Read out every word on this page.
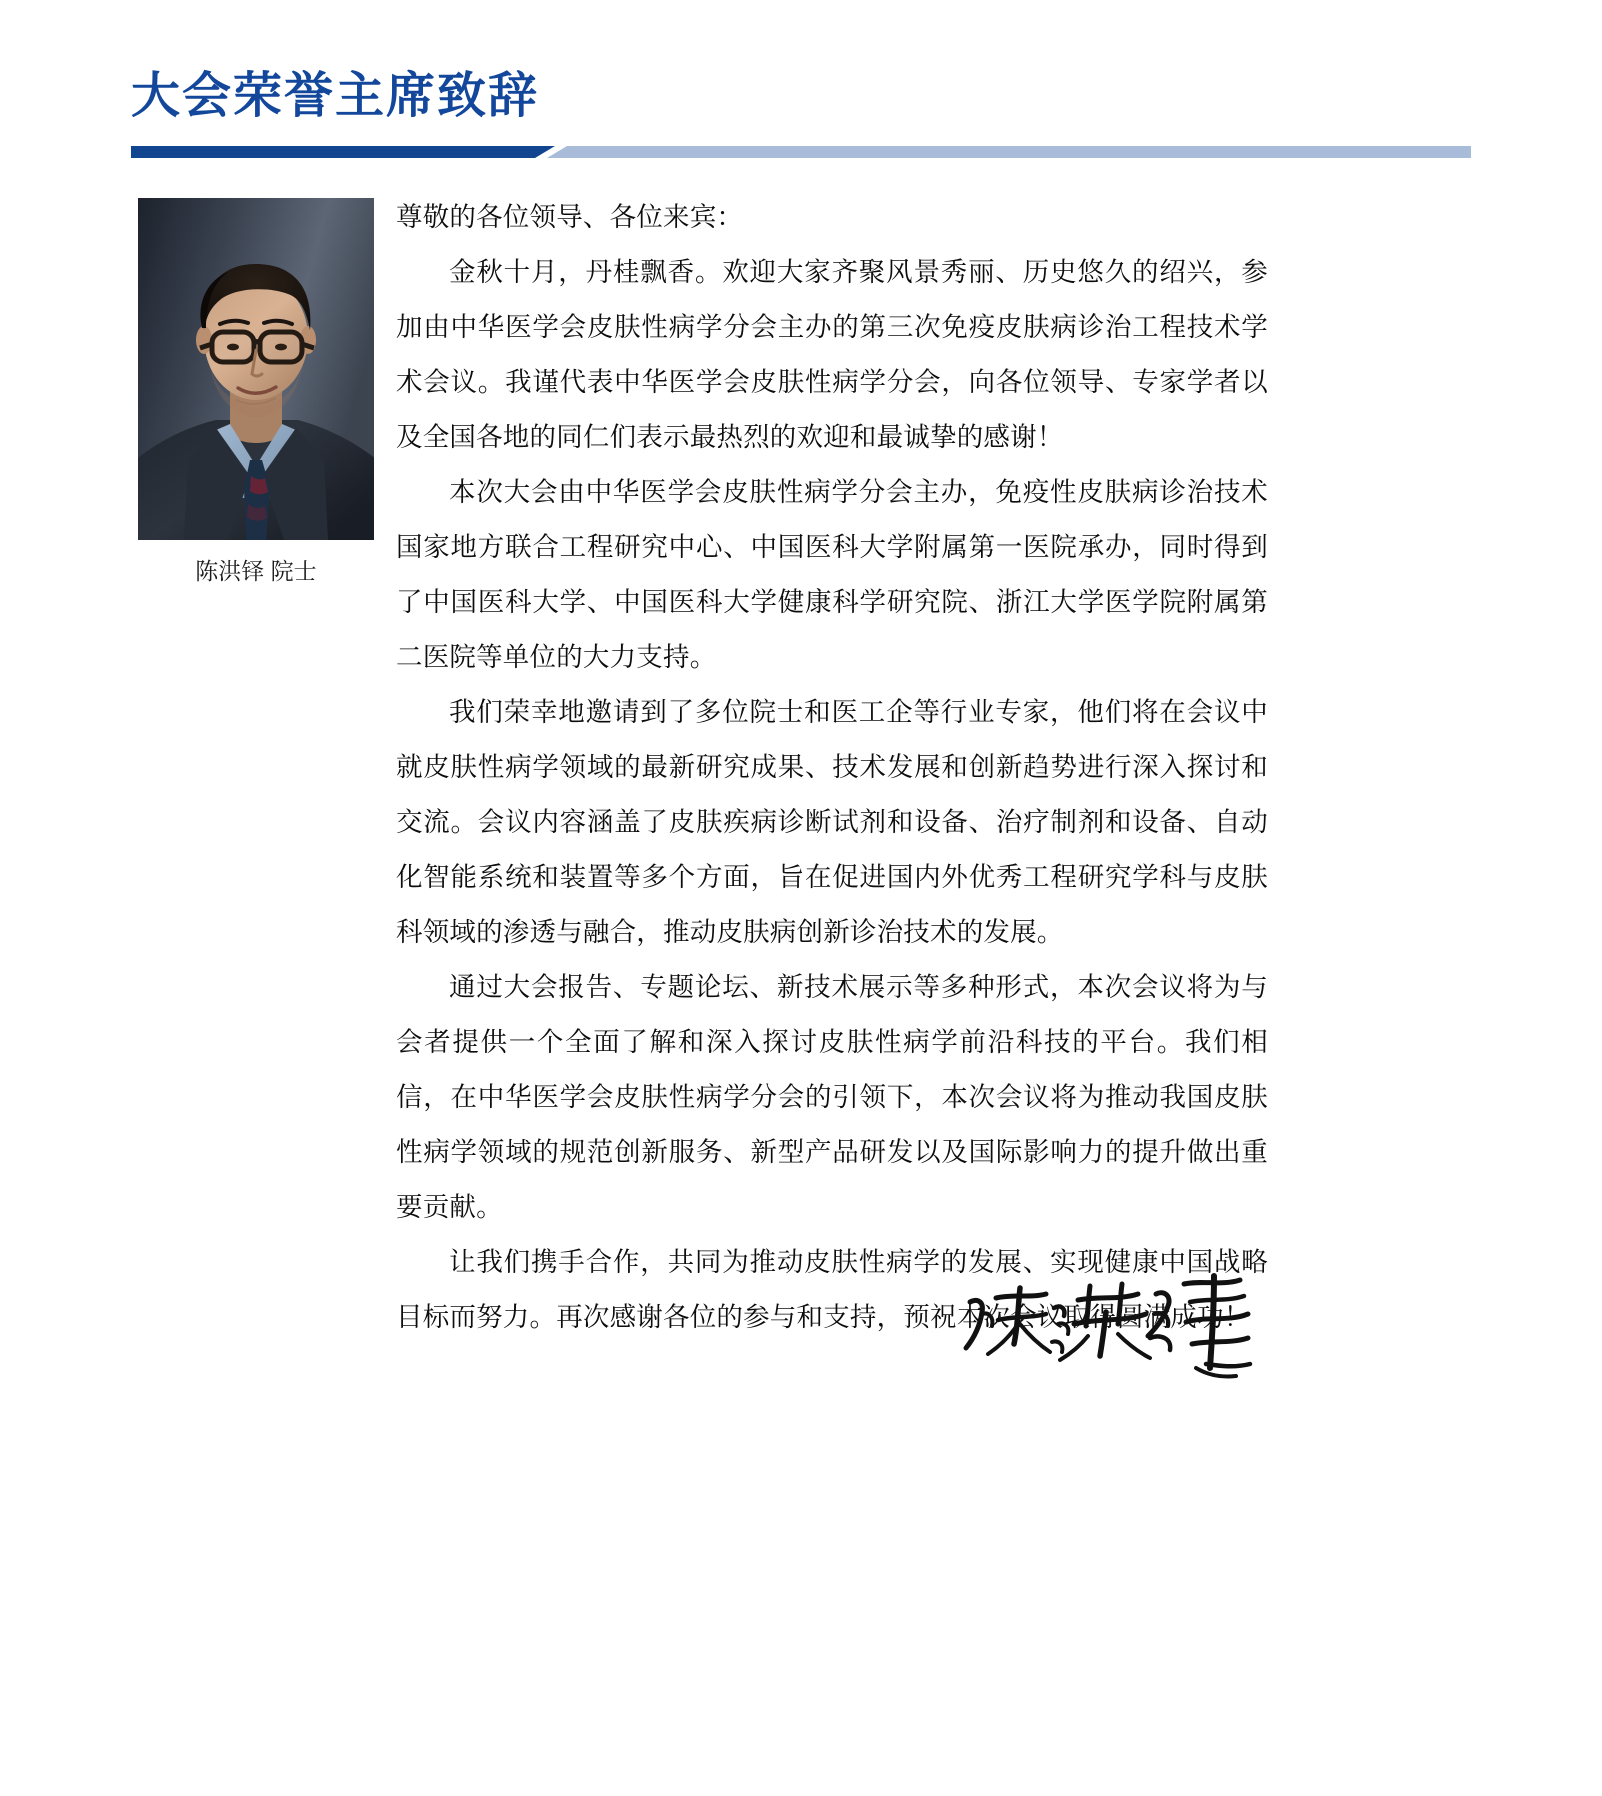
大会荣誉主席致辞
陈洪铎 院士

尊敬的各位领导、各位来宾：

金秋十月，丹桂飘香。欢迎大家齐聚风景秀丽、历史悠久的绍兴，参加由中华医学会皮肤性病学分会主办的第三次免疫皮肤病诊治工程技术学术会议。我谨代表中华医学会皮肤性病学分会，向各位领导、专家学者以及全国各地的同仁们表示最热烈的欢迎和最诚挚的感谢！

本次大会由中华医学会皮肤性病学分会主办，免疫性皮肤病诊治技术国家地方联合工程研究中心、中国医科大学附属第一医院承办，同时得到了中国医科大学、中国医科大学健康科学研究院、浙江大学医学院附属第二医院等单位的大力支持。

我们荣幸地邀请到了多位院士和医工企等行业专家，他们将在会议中就皮肤性病学领域的最新研究成果、技术发展和创新趋势进行深入探讨和交流。会议内容涵盖了皮肤疾病诊断试剂和设备、治疗制剂和设备、自动化智能系统和装置等多个方面，旨在促进国内外优秀工程研究学科与皮肤科领域的渗透与融合，推动皮肤病创新诊治技术的发展。

通过大会报告、专题论坛、新技术展示等多种形式，本次会议将为与会者提供一个全面了解和深入探讨皮肤性病学前沿科技的平台。我们相信，在中华医学会皮肤性病学分会的引领下，本次会议将为推动我国皮肤性病学领域的规范创新服务、新型产品研发以及国际影响力的提升做出重要贡献。

让我们携手合作，共同为推动皮肤性病学的发展、实现健康中国战略目标而努力。再次感谢各位的参与和支持，预祝本次会议取得圆满成功！
